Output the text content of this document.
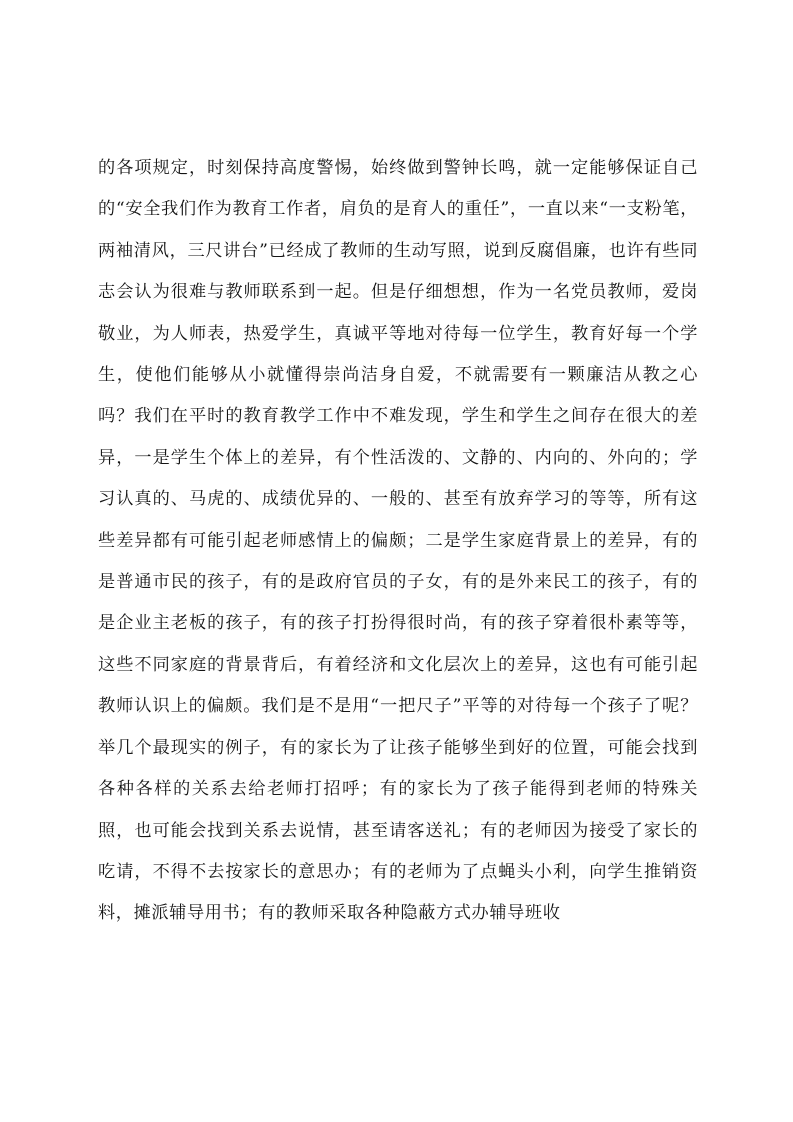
的各项规定，时刻保持高度警惕，始终做到警钟长鸣，就一定能够保证自己的“安全我们作为教育工作者，肩负的是育人的重任”，一直以来“一支粉笔，两袖清风，三尺讲台”已经成了教师的生动写照，说到反腐倡廉，也许有些同志会认为很难与教师联系到一起。但是仔细想想，作为一名党员教师，爱岗敬业，为人师表，热爱学生，真诚平等地对待每一位学生，教育好每一个学生，使他们能够从小就懂得崇尚洁身自爱，不就需要有一颗廉洁从教之心吗？我们在平时的教育教学工作中不难发现，学生和学生之间存在很大的差异，一是学生个体上的差异，有个性活泼的、文静的、内向的、外向的；学习认真的、马虎的、成绩优异的、一般的、甚至有放弃学习的等等，所有这些差异都有可能引起老师感情上的偏颇；二是学生家庭背景上的差异，有的是普通市民的孩子，有的是政府官员的子女，有的是外来民工的孩子，有的是企业主老板的孩子，有的孩子打扮得很时尚，有的孩子穿着很朴素等等，这些不同家庭的背景背后，有着经济和文化层次上的差异，这也有可能引起教师认识上的偏颇。我们是不是用“一把尺子”平等的对待每一个孩子了呢？举几个最现实的例子，有的家长为了让孩子能够坐到好的位置，可能会找到各种各样的关系去给老师打招呼；有的家长为了孩子能得到老师的特殊关照，也可能会找到关系去说情，甚至请客送礼；有的老师因为接受了家长的吃请，不得不去按家长的意思办；有的老师为了点蝇头小利，向学生推销资料，摊派辅导用书；有的教师采取各种隐蔽方式办辅导班收
